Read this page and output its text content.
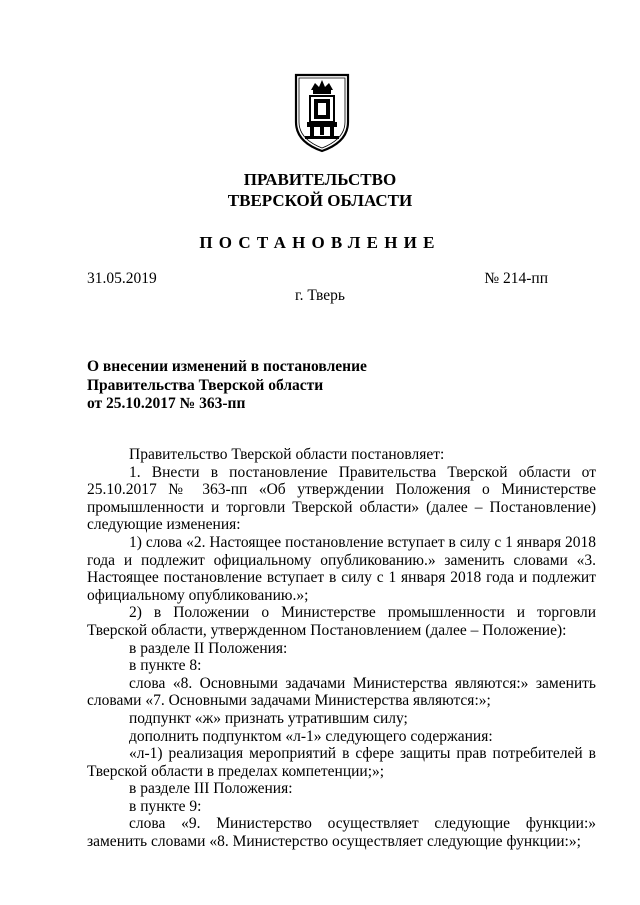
ПРАВИТЕЛЬСТВО
ТВЕРСКОЙ ОБЛАСТИ
ПОСТАНОВЛЕНИЕ
31.05.2019	№ 214-пп
г. Тверь
О внесении изменений в постановление
Правительства Тверской области
от 25.10.2017 № 363-пп

Правительство Тверской области постановляет:

1. Внести в постановление Правительства Тверской области от 25.10.2017 № 363-пп «Об утверждении Положения о Министерстве промышленности и торговли Тверской области» (далее – Постановление) следующие изменения:

1) слова «2. Настоящее постановление вступает в силу с 1 января 2018 года и подлежит официальному опубликованию.» заменить словами «3. Настоящее постановление вступает в силу с 1 января 2018 года и подлежит официальному опубликованию.»;

2) в Положении о Министерстве промышленности и торговли Тверской области, утвержденном Постановлением (далее – Положение):

в разделе II Положения:

в пункте 8:

слова «8. Основными задачами Министерства являются:» заменить словами «7. Основными задачами Министерства являются:»;

подпункт «ж» признать утратившим силу;

дополнить подпунктом «л-1» следующего содержания:

«л-1) реализация мероприятий в сфере защиты прав потребителей в Тверской области в пределах компетенции;»;

в разделе III Положения:

в пункте 9:

слова «9. Министерство осуществляет следующие функции:» заменить словами «8. Министерство осуществляет следующие функции:»;
